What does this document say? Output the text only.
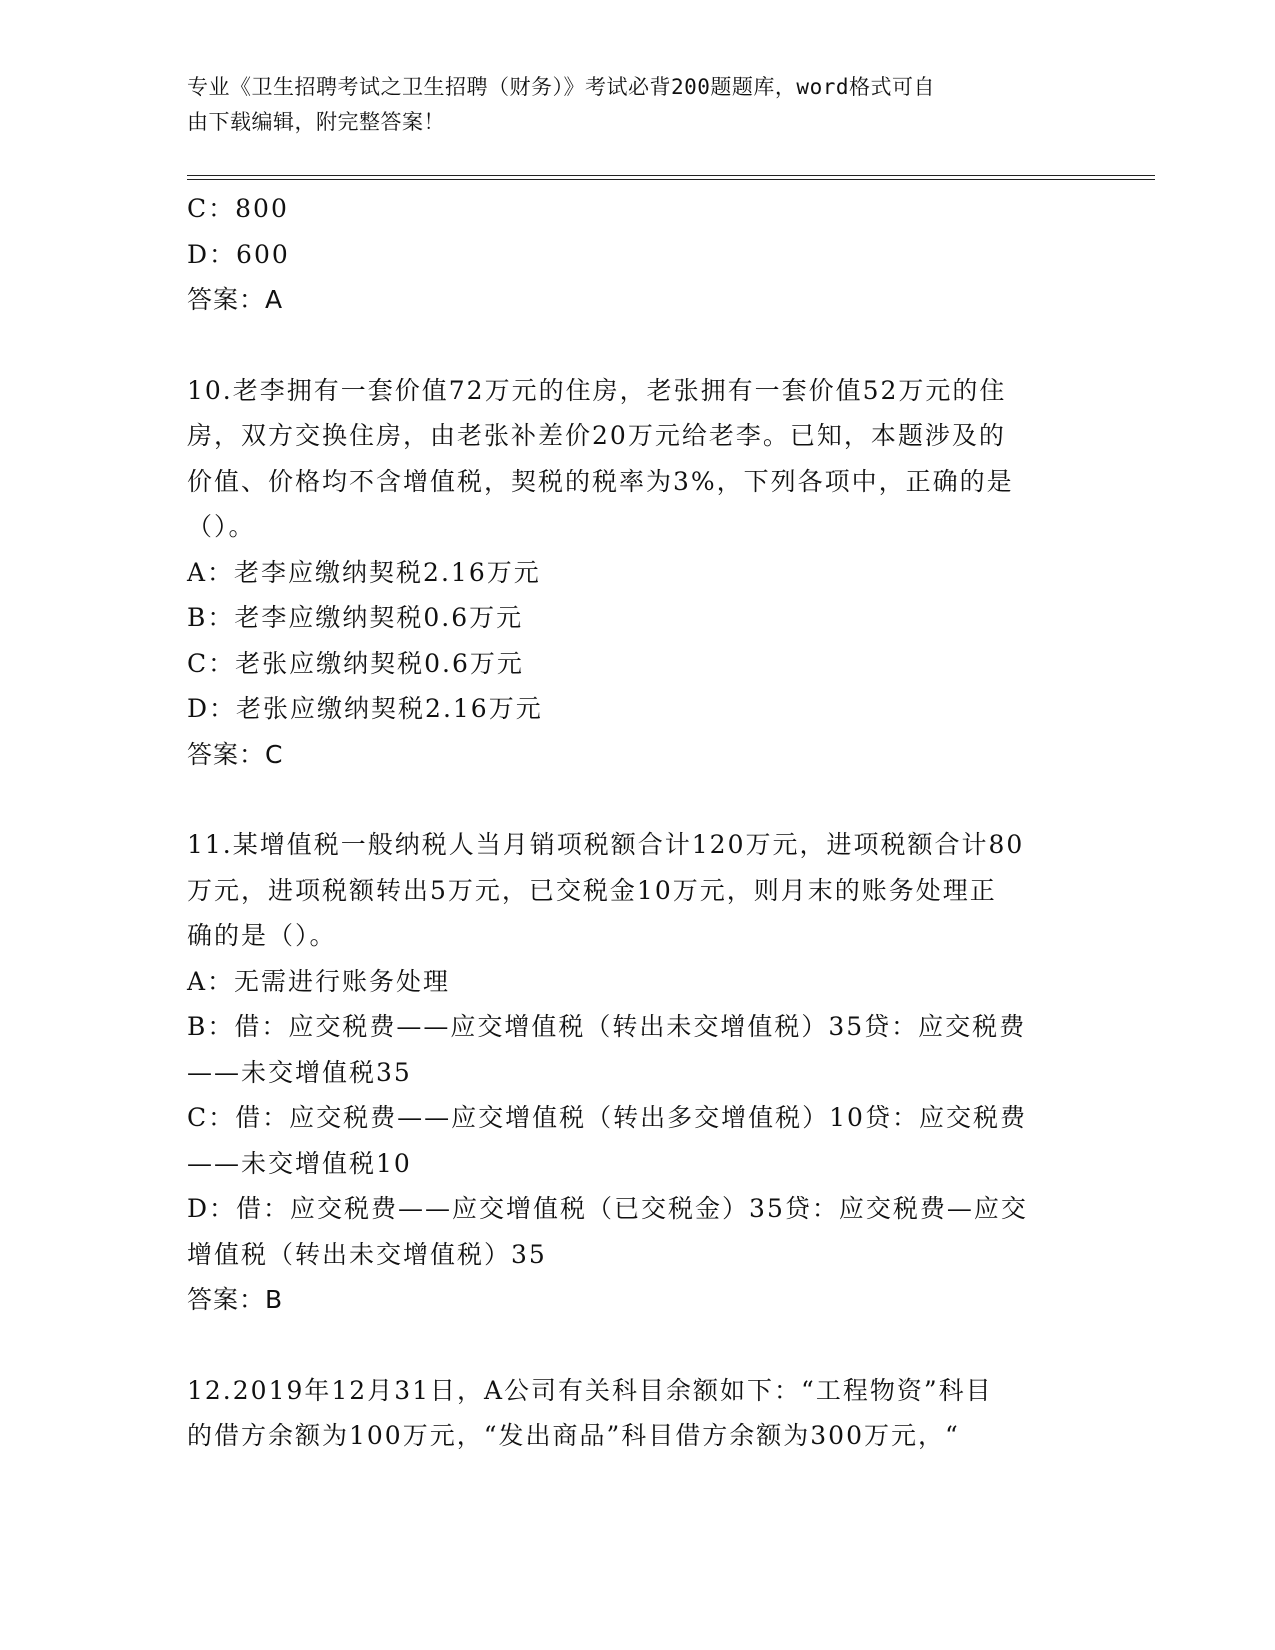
专业《卫生招聘考试之卫生招聘（财务）》考试必背200题题库，word格式可自
由下载编辑，附完整答案！
C：800
D：600
答案：A
10.老李拥有一套价值72万元的住房，老张拥有一套价值52万元的住
房，双方交换住房，由老张补差价20万元给老李。已知，本题涉及的
价值、价格均不含增值税，契税的税率为3%，下列各项中，正确的是
（）。
A：老李应缴纳契税2.16万元
B：老李应缴纳契税0.6万元
C：老张应缴纳契税0.6万元
D：老张应缴纳契税2.16万元
答案：C
11.某增值税一般纳税人当月销项税额合计120万元，进项税额合计80
万元，进项税额转出5万元，已交税金10万元，则月末的账务处理正
确的是（）。
A：无需进行账务处理
B：借：应交税费——应交增值税（转出未交增值税）35贷：应交税费
——未交增值税35
C：借：应交税费——应交增值税（转出多交增值税）10贷：应交税费
——未交增值税10
D：借：应交税费——应交增值税（已交税金）35贷：应交税费—应交
增值税（转出未交增值税）35
答案：B
12.2019年12月31日，A公司有关科目余额如下：“工程物资”科目
的借方余额为100万元，“发出商品”科目借方余额为300万元，“
